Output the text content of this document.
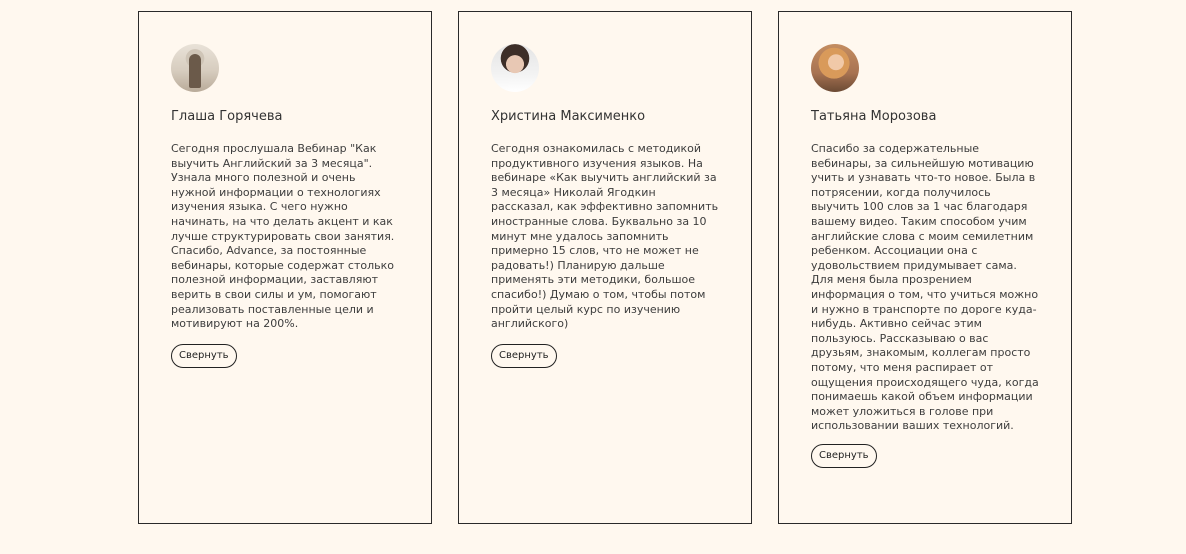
Глаша Горячева
Сегодня прослушала Вебинар "Как
выучить Английский за 3 месяца".
Узнала много полезной и очень
нужной информации о технологиях
изучения языка. С чего нужно
начинать, на что делать акцент и как
лучше структурировать свои занятия.
Спасибо, Advance, за постоянные
вебинары, которые содержат столько
полезной информации, заставляют
верить в свои силы и ум, помогают
реализовать поставленные цели и
мотивируют на 200%.
Свернуть
Христина Максименко
Сегодня ознакомилась с методикой
продуктивного изучения языков. На
вебинаре «Как выучить английский за
3 месяца» Николай Ягодкин
рассказал, как эффективно запомнить
иностранные слова. Буквально за 10
минут мне удалось запомнить
примерно 15 слов, что не может не
радовать!) Планирую дальше
применять эти методики, большое
спасибо!) Думаю о том, чтобы потом
пройти целый курс по изучению
английского)
Свернуть
Татьяна Морозова
Спасибо за содержательные
вебинары, за сильнейшую мотивацию
учить и узнавать что-то новое. Была в
потрясении, когда получилось
выучить 100 слов за 1 час благодаря
вашему видео. Таким способом учим
английские слова с моим семилетним
ребенком. Ассоциации она с
удовольствием придумывает сама.
Для меня была прозрением
информация о том, что учиться можно
и нужно в транспорте по дороге куда-
нибудь. Активно сейчас этим
пользуюсь. Рассказываю о вас
друзьям, знакомым, коллегам просто
потому, что меня распирает от
ощущения происходящего чуда, когда
понимаешь какой объем информации
может уложиться в голове при
использовании ваших технологий.
Свернуть
